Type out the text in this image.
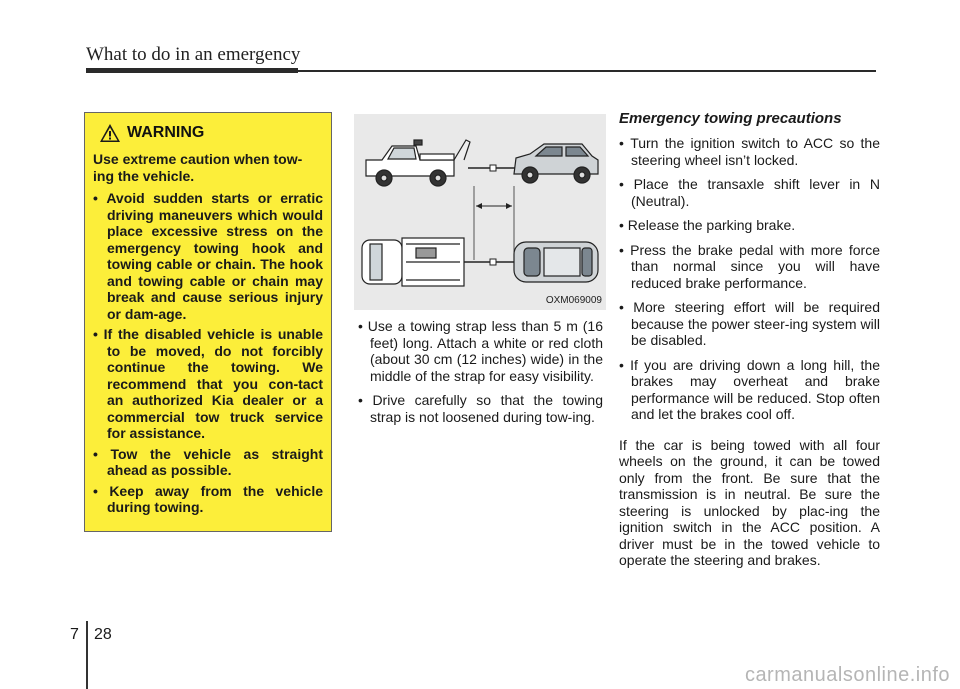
What to do in an emergency
WARNING
Use extreme caution when tow-ing the vehicle.
• Avoid sudden starts or erratic driving maneuvers which would place excessive stress on the emergency towing hook and towing cable or chain. The hook and towing cable or chain may break and cause serious injury or dam-age.
• If the disabled vehicle is unable to be moved, do not forcibly continue the towing. We recommend that you con-tact an authorized Kia dealer or a commercial tow truck service for assistance.
• Tow the vehicle as straight ahead as possible.
• Keep away from the vehicle during towing.
OXM069009
• Use a towing strap less than 5 m (16 feet) long. Attach a white or red cloth (about 30 cm (12 inches) wide) in the middle of the strap for easy visibility.
• Drive carefully so that the towing strap is not loosened during tow-ing.
Emergency towing precautions
• Turn the ignition switch to ACC so the steering wheel isn’t locked.
• Place the transaxle shift lever in N (Neutral).
• Release the parking brake.
• Press the brake pedal with more force than normal since you will have reduced brake performance.
• More steering effort will be required because the power steer-ing system will be disabled.
• If you are driving down a long hill, the brakes may overheat and brake performance will be reduced. Stop often and let the brakes cool off.

If the car is being towed with all four wheels on the ground, it can be towed only from the front. Be sure that the transmission is in neutral. Be sure the steering is unlocked by plac-ing the ignition switch in the ACC position. A driver must be in the towed vehicle to operate the steering and brakes.

7 28
carmanualsonline.info
